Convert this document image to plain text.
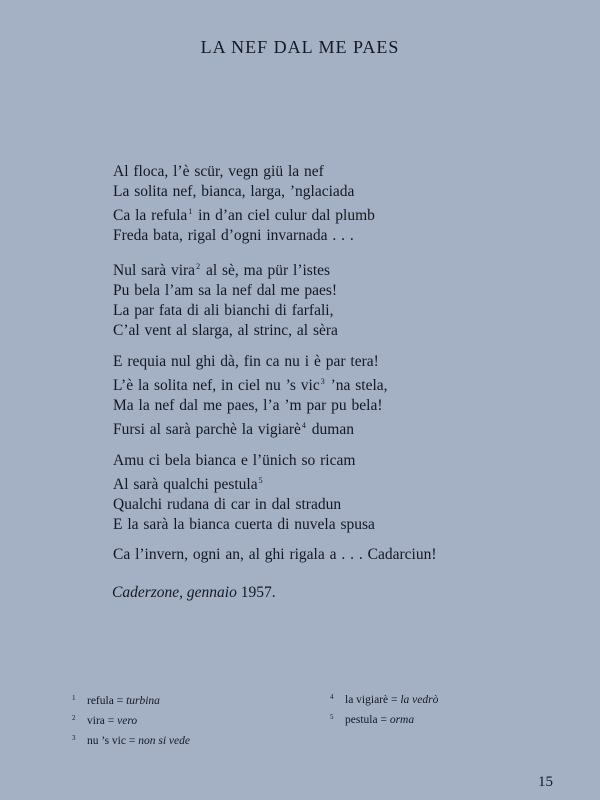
LA NEF DAL ME PAES
Al floca, l’è scür, vegn giü la nef
La solita nef, bianca, larga, ’nglaciada
Ca la refula$^1$ in d’an ciel culur dal plumb
Freda bata, rigal d’ogni invarnada . . .
Nul sarà vira$^2$ al sè, ma pür l’istes
Pu bela l’am sa la nef dal me paes!
La par fata di ali bianchi di farfali,
C’al vent al slarga, al strinc, al sèra
E requia nul ghi dà, fin ca nu i è par tera!
L’è la solita nef, in ciel nu ’s vic$^3$ ’na stela,
Ma la nef dal me paes, l’a ’m par pu bela!
Fursi al sarà parchè la vigiarè$^4$ duman
Amu ci bela bianca e l’ünich so ricam
Al sarà qualchi pestula$^5$
Qualchi rudana di car in dal stradun
E la sarà la bianca cuerta di nuvela spusa
Ca l’invern, ogni an, al ghi rigala a . . . Cadarciun!
Caderzone, gennaio 1957.
1 refula = turbina
2 vira = vero
3 nu ’s vic = non si vede
4 la vigiarè = la vedrò
5 pestula = orma
15
